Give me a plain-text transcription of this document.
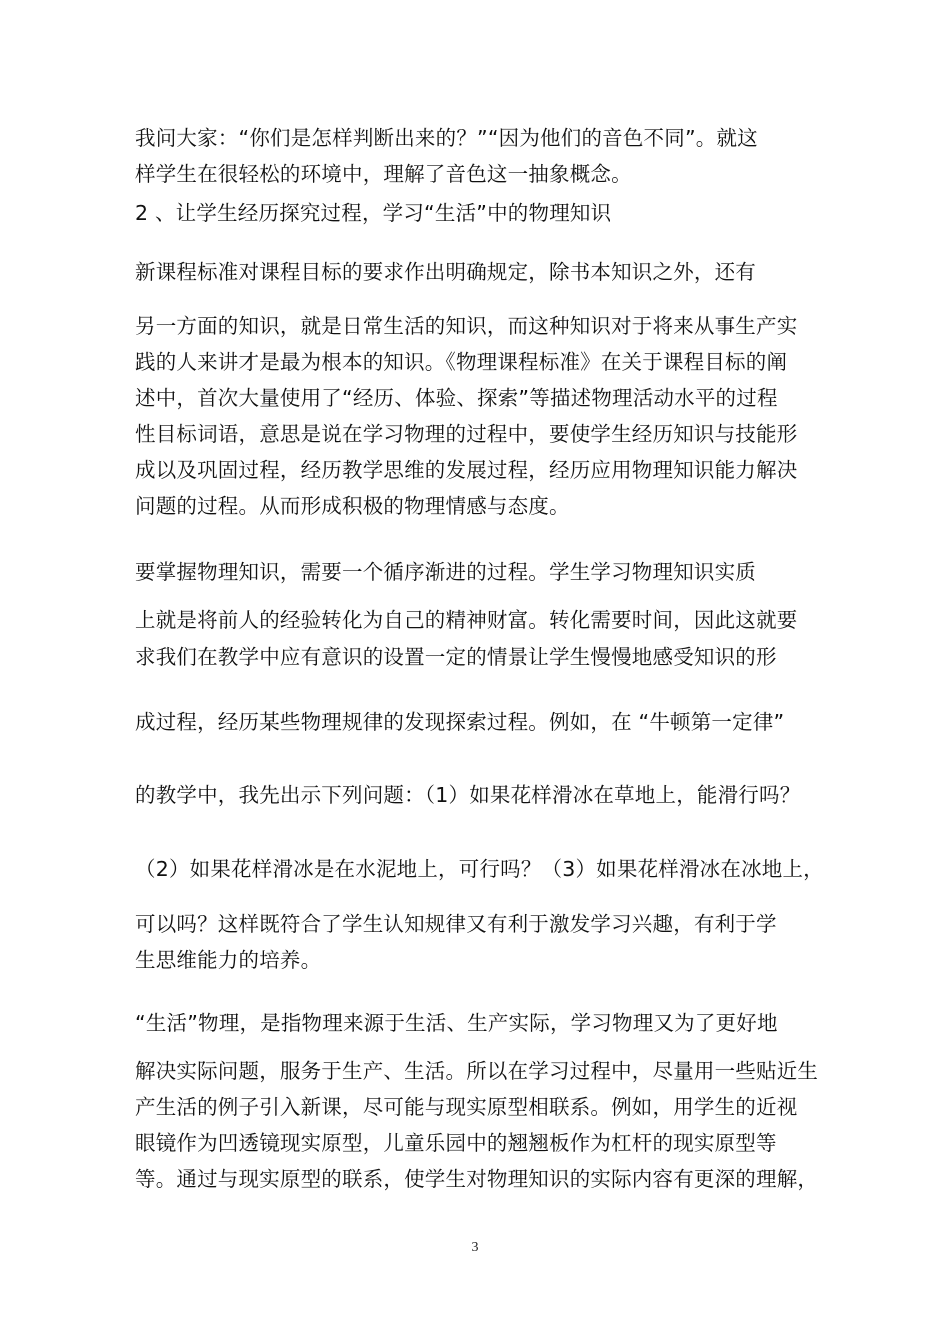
我问大家：“你们是怎样判断出来的？”“因为他们的音色不同”。就这
样学生在很轻松的环境中，理解了音色这一抽象概念。
2 、让学生经历探究过程，学习“生活”中的物理知识
新课程标准对课程目标的要求作出明确规定，除书本知识之外，还有
另一方面的知识，就是日常生活的知识，而这种知识对于将来从事生产实
践的人来讲才是最为根本的知识。《物理课程标准》在关于课程目标的阐
述中，首次大量使用了“经历、体验、探索”等描述物理活动水平的过程
性目标词语，意思是说在学习物理的过程中，要使学生经历知识与技能形
成以及巩固过程，经历教学思维的发展过程，经历应用物理知识能力解决
问题的过程。从而形成积极的物理情感与态度。
要掌握物理知识，需要一个循序渐进的过程。学生学习物理知识实质
上就是将前人的经验转化为自己的精神财富。转化需要时间，因此这就要
求我们在教学中应有意识的设置一定的情景让学生慢慢地感受知识的形
成过程，经历某些物理规律的发现探索过程。例如，在 “牛顿第一定律”
的教学中，我先出示下列问题：（1）如果花样滑冰在草地上，能滑行吗？
（2）如果花样滑冰是在水泥地上，可行吗？（3）如果花样滑冰在冰地上，
可以吗？这样既符合了学生认知规律又有利于激发学习兴趣，有利于学
生思维能力的培养。
“生活”物理，是指物理来源于生活、生产实际，学习物理又为了更好地
解决实际问题，服务于生产、生活。所以在学习过程中，尽量用一些贴近生
产生活的例子引入新课，尽可能与现实原型相联系。例如，用学生的近视
眼镜作为凹透镜现实原型，儿童乐园中的翘翘板作为杠杆的现实原型等
等。通过与现实原型的联系，使学生对物理知识的实际内容有更深的理解，
3
